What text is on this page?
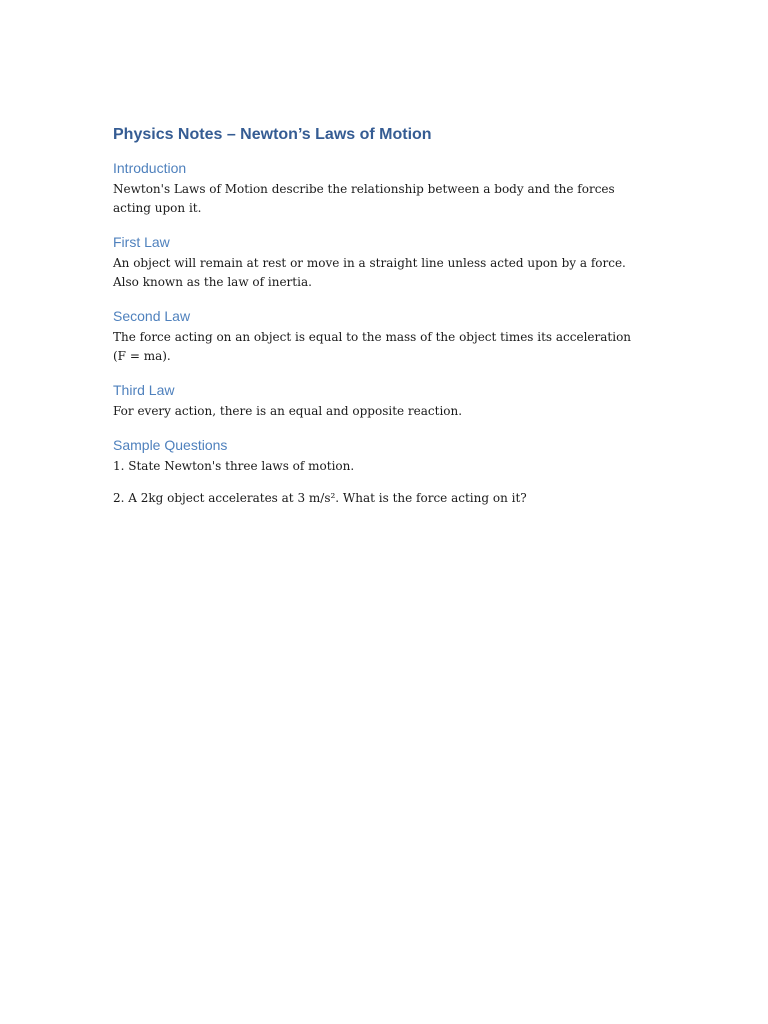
Physics Notes – Newton’s Laws of Motion
Introduction

Newton's Laws of Motion describe the relationship between a body and the forces acting upon it.

First Law

An object will remain at rest or move in a straight line unless acted upon by a force. Also known as the law of inertia.

Second Law

The force acting on an object is equal to the mass of the object times its acceleration (F = ma).

Third Law

For every action, there is an equal and opposite reaction.

Sample Questions

1. State Newton's three laws of motion.

2. A 2kg object accelerates at 3 m/s². What is the force acting on it?
